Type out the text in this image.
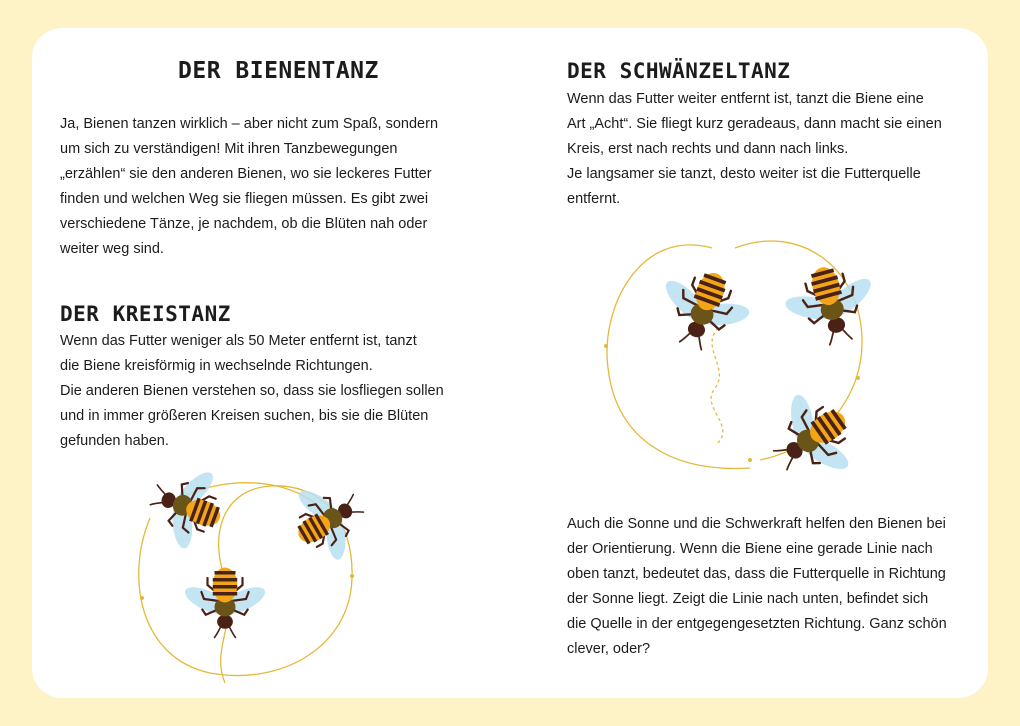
DER BIENENTANZ
Ja, Bienen tanzen wirklich – aber nicht zum Spaß, sondern
um sich zu verständigen! Mit ihren Tanzbewegungen
„erzählen“ sie den anderen Bienen, wo sie leckeres Futter
finden und welchen Weg sie fliegen müssen. Es gibt zwei
verschiedene Tänze, je nachdem, ob die Blüten nah oder
weiter weg sind.
DER KREISTANZ
Wenn das Futter weniger als 50 Meter entfernt ist, tanzt
die Biene kreisförmig in wechselnde Richtungen.
Die anderen Bienen verstehen so, dass sie losfliegen sollen
und in immer größeren Kreisen suchen, bis sie die Blüten
gefunden haben.
DER SCHWÄNZELTANZ
Wenn das Futter weiter entfernt ist, tanzt die Biene eine
Art „Acht“. Sie fliegt kurz geradeaus, dann macht sie einen
Kreis, erst nach rechts und dann nach links.
Je langsamer sie tanzt, desto weiter ist die Futterquelle
entfernt.
Auch die Sonne und die Schwerkraft helfen den Bienen bei
der Orientierung. Wenn die Biene eine gerade Linie nach
oben tanzt, bedeutet das, dass die Futterquelle in Richtung
der Sonne liegt. Zeigt die Linie nach unten, befindet sich
die Quelle in der entgegengesetzten Richtung. Ganz schön
clever, oder?
